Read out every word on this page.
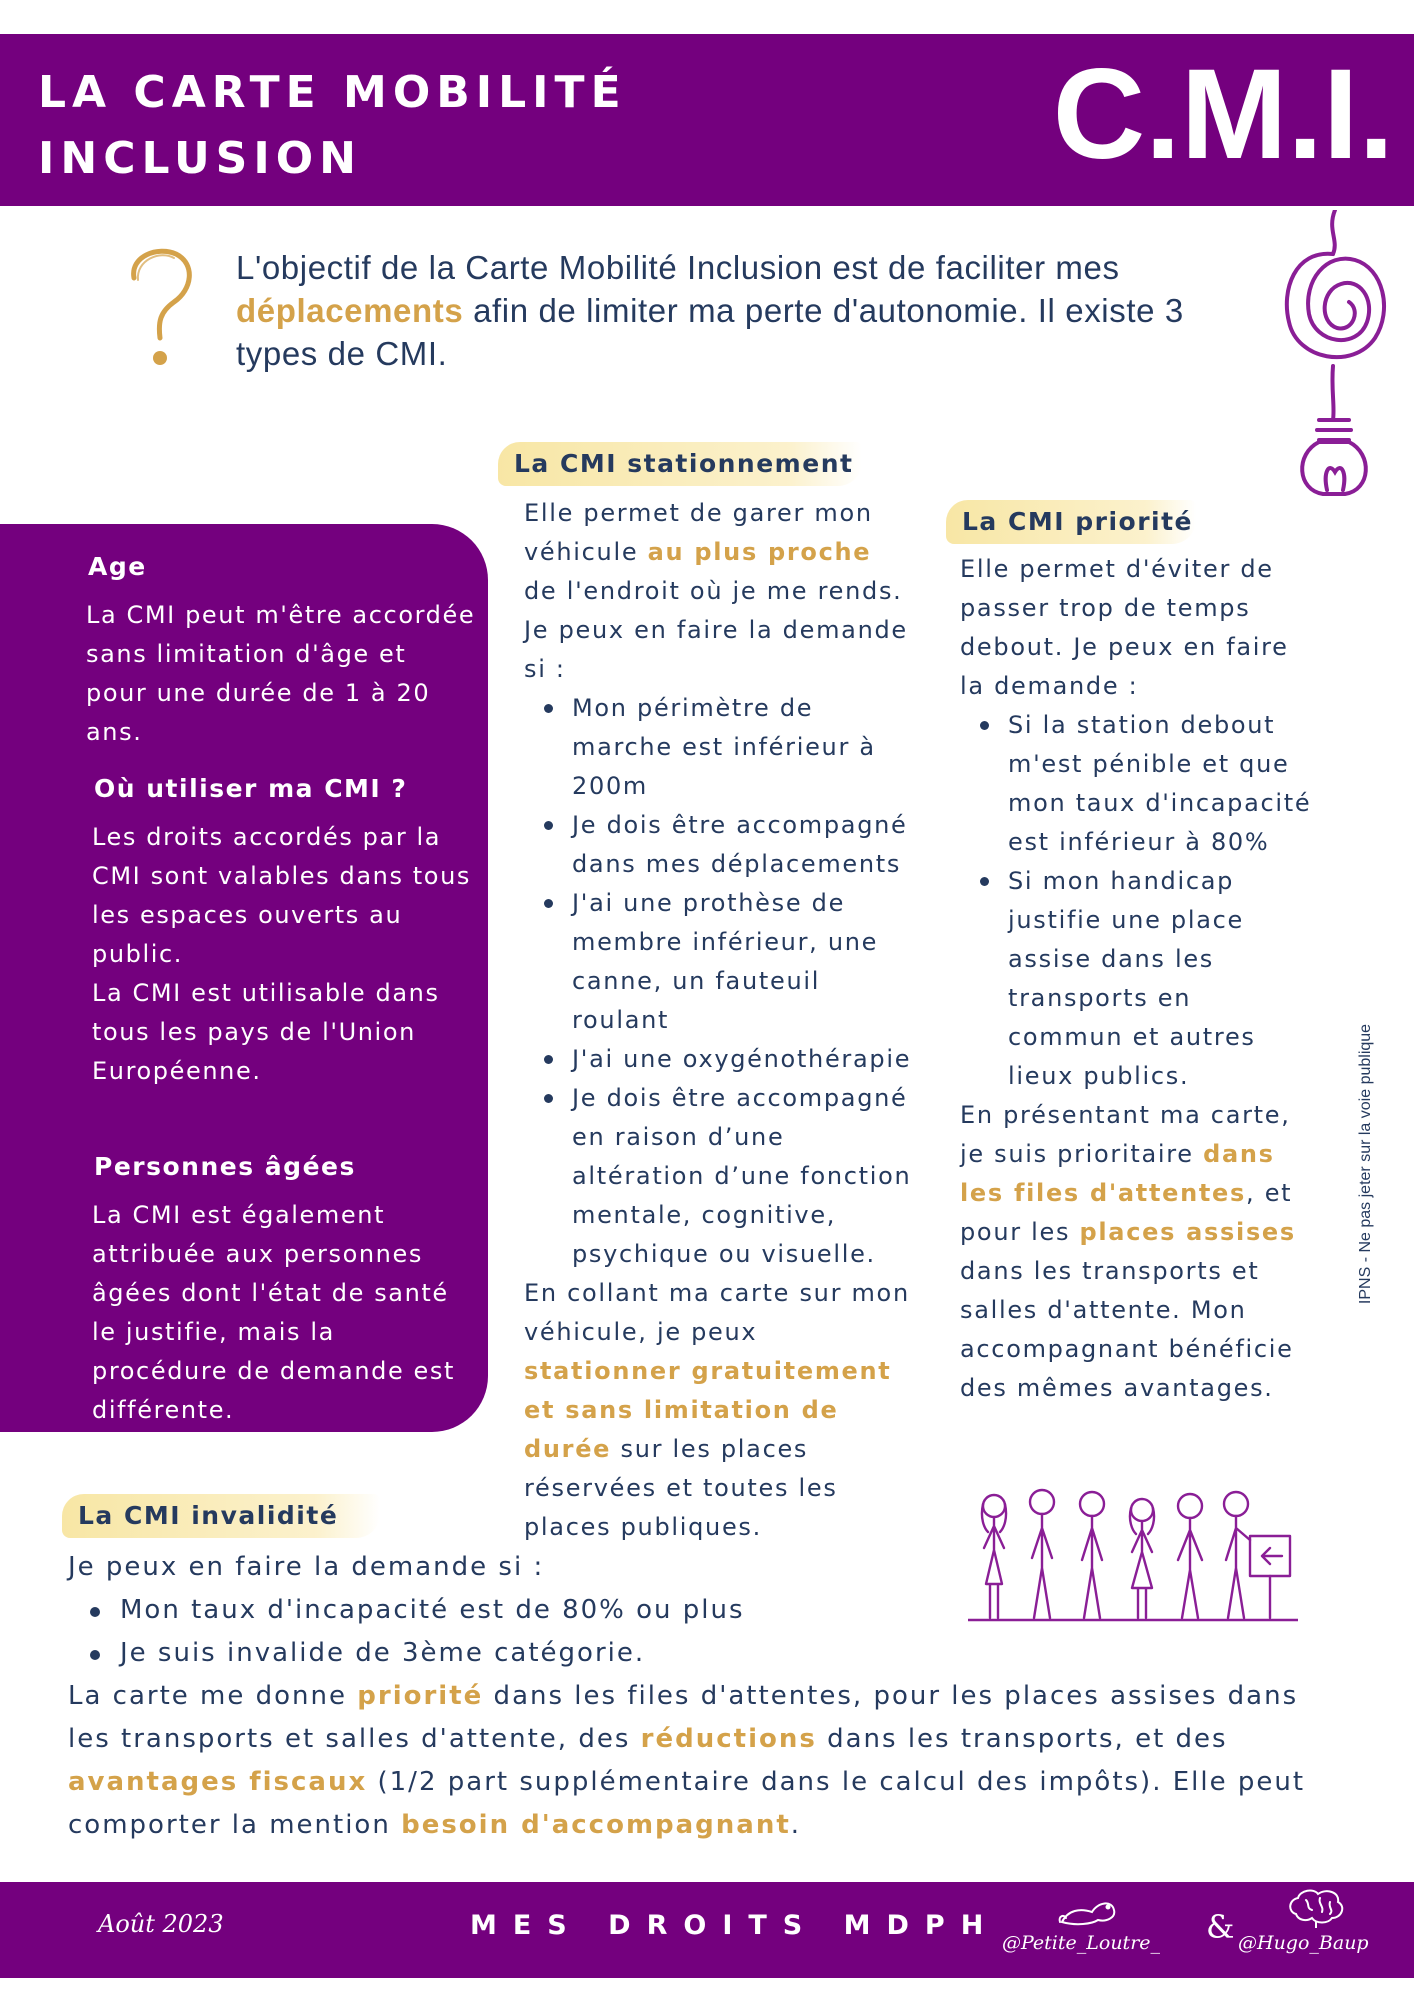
LA CARTE MOBILITÉ INCLUSION	C.M.I.

L'objectif de la Carte Mobilité Inclusion est de faciliter mes déplacements afin de limiter ma perte d'autonomie. Il existe 3 types de CMI.

Age
La CMI peut m'être accordée sans limitation d'âge et pour une durée de 1 à 20 ans.
Où utiliser ma CMI ?
Les droits accordés par la CMI sont valables dans tous les espaces ouverts au public.
La CMI est utilisable dans tous les pays de l'Union Européenne.
Personnes âgées
La CMI est également attribuée aux personnes âgées dont l'état de santé le justifie, mais la procédure de demande est différente.
La CMI stationnement

Elle permet de garer mon véhicule au plus proche de l'endroit où je me rends. Je peux en faire la demande si :

Mon périmètre de marche est inférieur à 200m
Je dois être accompagné dans mes déplacements
J'ai une prothèse de membre inférieur, une canne, un fauteuil roulant
J'ai une oxygénothérapie
Je dois être accompagné en raison d’une altération d’une fonction mentale, cognitive, psychique ou visuelle.

En collant ma carte sur mon véhicule, je peux stationner gratuitement et sans limitation de durée sur les places réservées et toutes les places publiques.

La CMI priorité

Elle permet d'éviter de passer trop de temps debout. Je peux en faire la demande :

Si la station debout m'est pénible et que mon taux d'incapacité est inférieur à 80%
Si mon handicap justifie une place assise dans les transports en commun et autres lieux publics.

En présentant ma carte, je suis prioritaire dans les files d'attentes, et pour les places assises dans les transports et salles d'attente. Mon accompagnant bénéficie des mêmes avantages.

IPNS - Ne pas jeter sur la voie publique
La CMI invalidité

Je peux en faire la demande si :

Mon taux d'incapacité est de 80% ou plus
Je suis invalide de 3ème catégorie.

La carte me donne priorité dans les files d'attentes, pour les places assises dans les transports et salles d'attente, des réductions dans les transports, et des avantages fiscaux (1/2 part supplémentaire dans le calcul des impôts). Elle peut comporter la mention besoin d'accompagnant.

Août 2023	MES DROITS MDPH
@Petite_Loutre_ & @Hugo_Baup
